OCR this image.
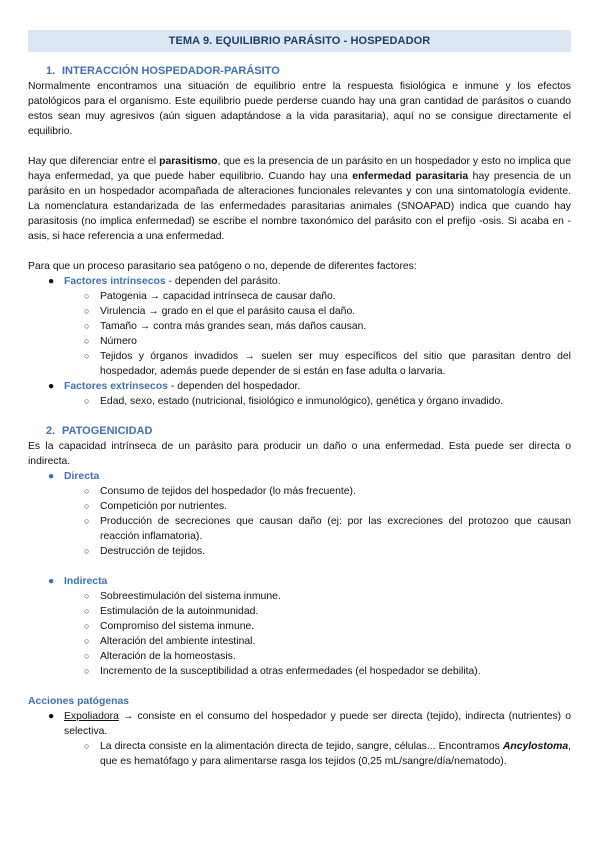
TEMA 9. EQUILIBRIO PARÁSITO - HOSPEDADOR
1. INTERACCIÓN HOSPEDADOR-PARÁSITO

Normalmente encontramos una situación de equilibrio entre la respuesta fisiológica e inmune y los efectos patológicos para el organismo. Este equilibrio puede perderse cuando hay una gran cantidad de parásitos o cuando estos sean muy agresivos (aún siguen adaptándose a la vida parasitaria), aquí no se consigue directamente el equilibrio.

Hay que diferenciar entre el parasitismo, que es la presencia de un parásito en un hospedador y esto no implica que haya enfermedad, ya que puede haber equilibrio. Cuando hay una enfermedad parasitaria hay presencia de un parásito en un hospedador acompañada de alteraciones funcionales relevantes y con una sintomatología evidente. La nomenclatura estandarizada de las enfermedades parasitarias animales (SNOAPAD) indica que cuando hay parasitosis (no implica enfermedad) se escribe el nombre taxonómico del parásito con el prefijo -osis. Si acaba en -asis, si hace referencia a una enfermedad.

Para que un proceso parasitario sea patógeno o no, depende de diferentes factores:

● Factores intrínsecos - dependen del parásito.
○ Patogenia → capacidad intrínseca de causar daño.
○ Virulencia → grado en el que el parásito causa el daño.
○ Tamaño → contra más grandes sean, más daños causan.
○ Número
○ Tejidos y órganos invadidos → suelen ser muy específicos del sitio que parasitan dentro del hospedador, además puede depender de si están en fase adulta o larvaria.
● Factores extrínsecos - dependen del hospedador.
○ Edad, sexo, estado (nutricional, fisiológico e inmunológico), genética y órgano invadido.
2. PATOGENICIDAD

Es la capacidad intrínseca de un parásito para producir un daño o una enfermedad. Esta puede ser directa o indirecta.

● Directa
○ Consumo de tejidos del hospedador (lo más frecuente).
○ Competición por nutrientes.
○ Producción de secreciones que causan daño (ej: por las excreciones del protozoo que causan reacción inflamatoria).
○ Destrucción de tejidos.
● Indirecta
○ Sobreestimulación del sistema inmune.
○ Estimulación de la autoinmunidad.
○ Compromiso del sistema inmune.
○ Alteración del ambiente intestinal.
○ Alteración de la homeostasis.
○ Incremento de la susceptibilidad a otras enfermedades (el hospedador se debilita).
Acciones patógenas
● Expoliadora → consiste en el consumo del hospedador y puede ser directa (tejido), indirecta (nutrientes) o selectiva.
○ La directa consiste en la alimentación directa de tejido, sangre, células... Encontramos Ancylostoma, que es hematófago y para alimentarse rasga los tejidos (0,25 mL/sangre/día/nematodo).
